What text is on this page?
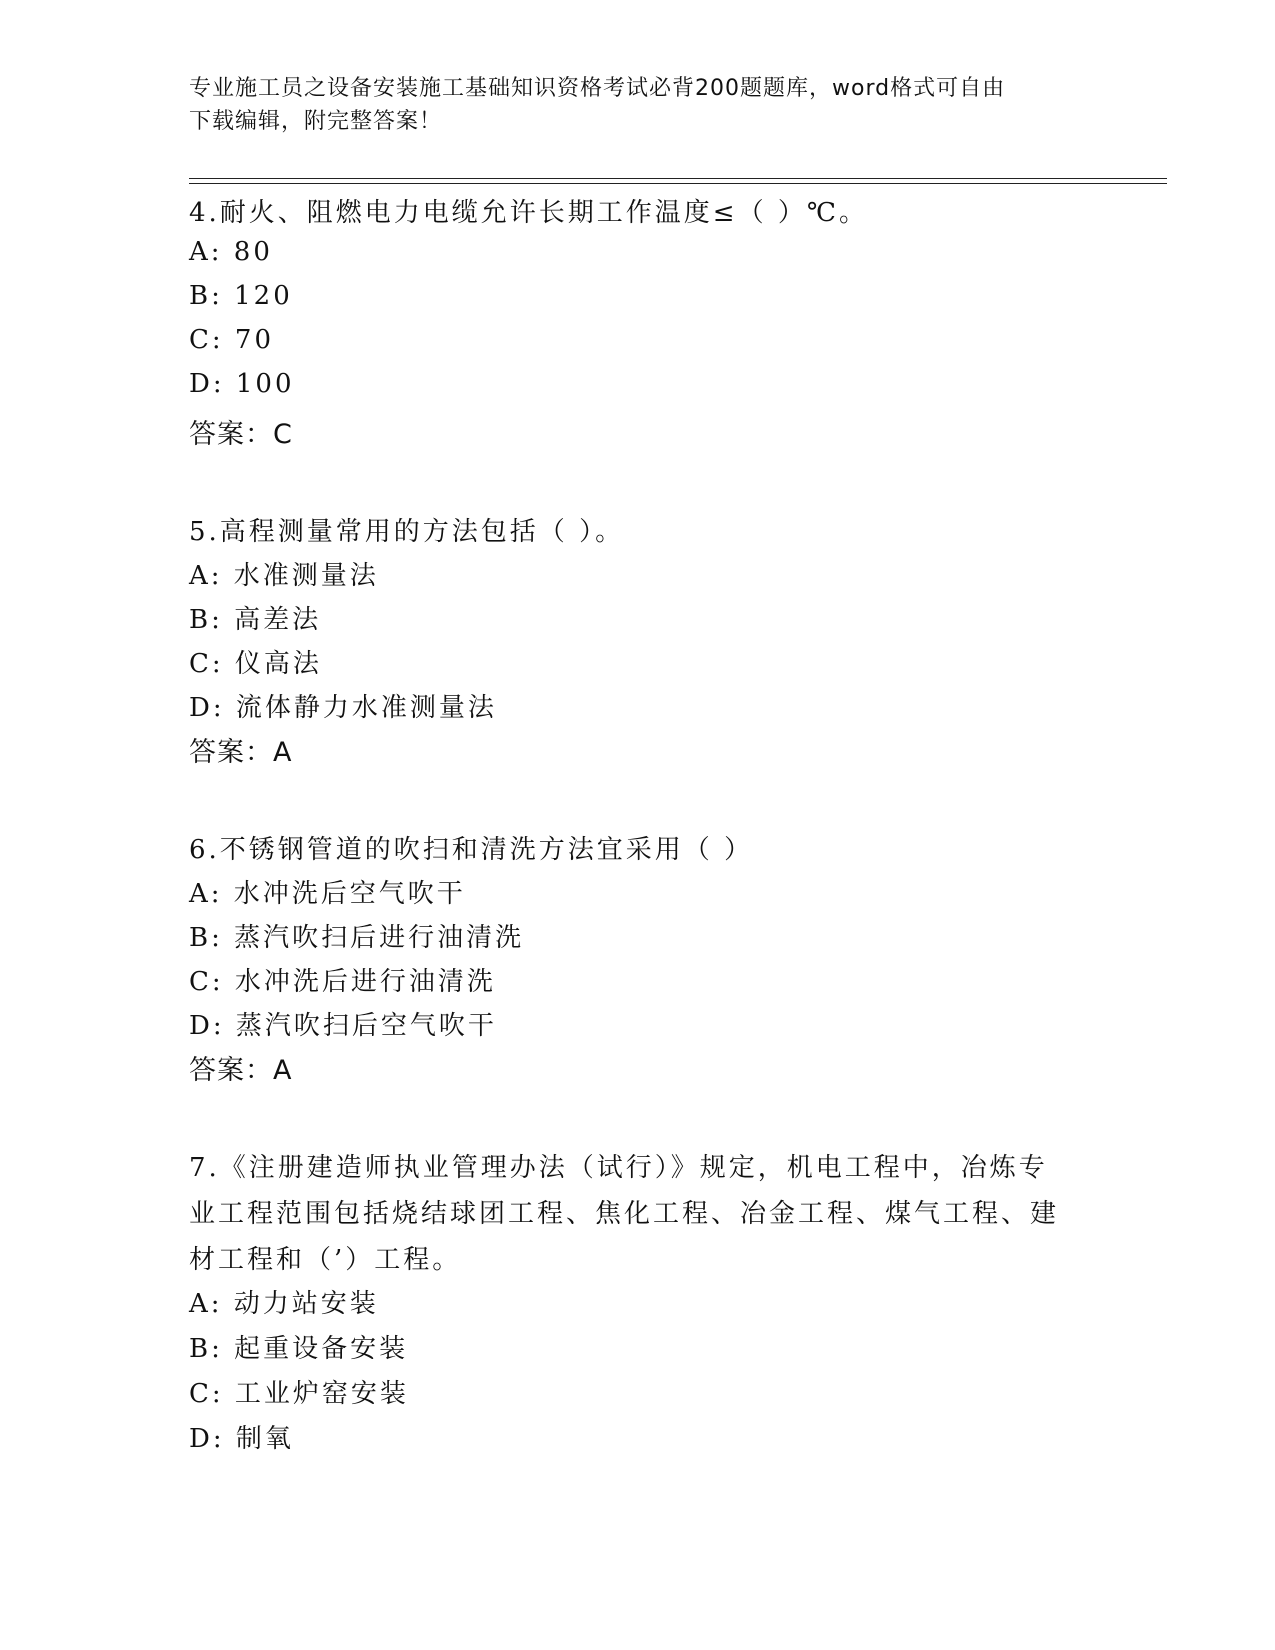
专业施工员之设备安装施工基础知识资格考试必背200题题库，word格式可自由
下载编辑，附完整答案！
4.耐火、阻燃电力电缆允许长期工作温度≤（ ）℃。
A: 80
B: 120
C: 70
D: 100
答案：C
5.高程测量常用的方法包括（ ）。
A: 水准测量法
B: 高差法
C: 仪高法
D: 流体静力水准测量法
答案：A
6.不锈钢管道的吹扫和清洗方法宜采用（ ）
A: 水冲洗后空气吹干
B: 蒸汽吹扫后进行油清洗
C: 水冲洗后进行油清洗
D: 蒸汽吹扫后空气吹干
答案：A
7.《注册建造师执业管理办法（试行）》规定，机电工程中，冶炼专
业工程范围包括烧结球团工程、焦化工程、冶金工程、煤气工程、建
材工程和（’）工程。
A: 动力站安装
B: 起重设备安装
C: 工业炉窑安装
D: 制氧
